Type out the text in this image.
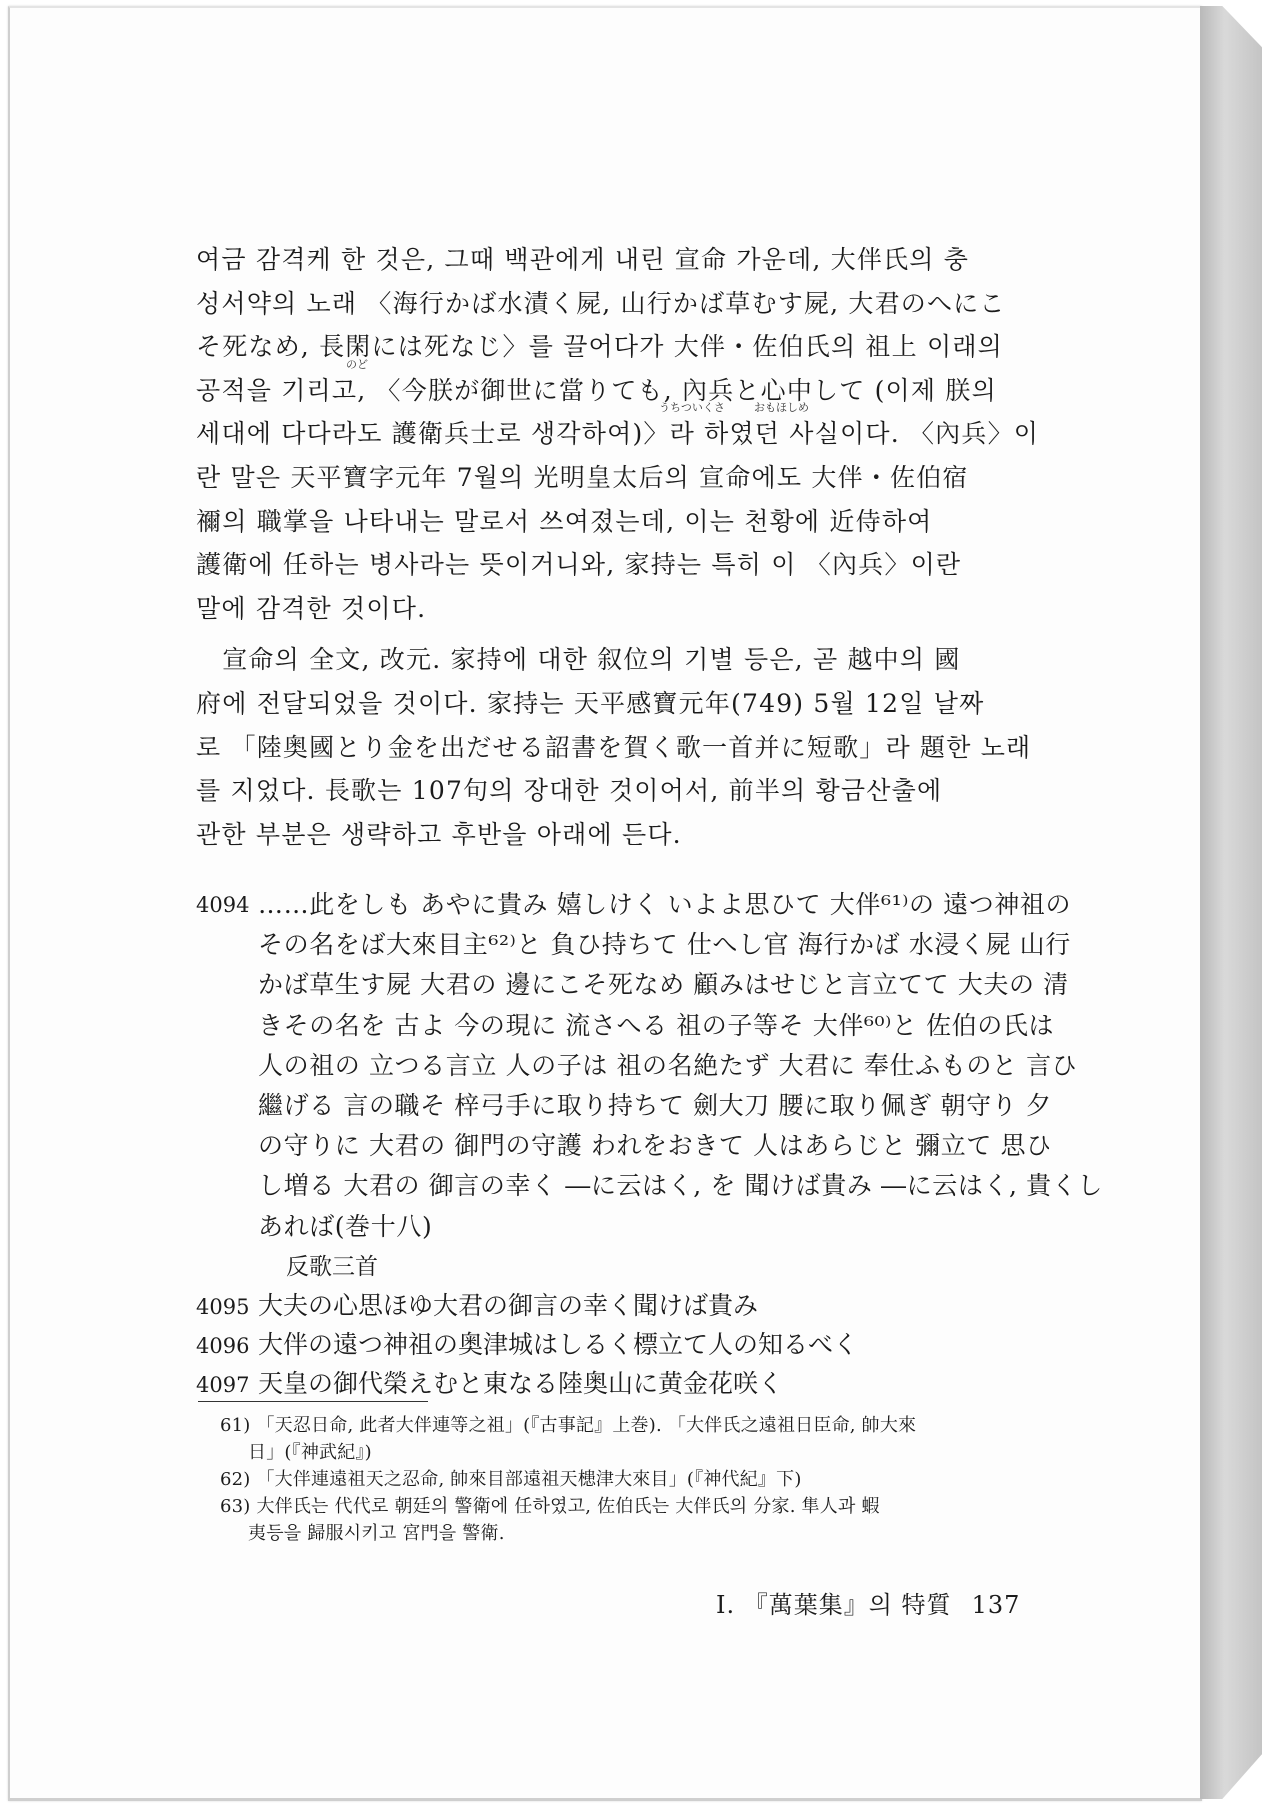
여금 감격케 한 것은, 그때 백관에게 내린 宣命 가운데, 大伴氏의 충
성서약의 노래 〈海行かば水漬く屍, 山行かば草むす屍, 大君のへにこ
そ死なめ, 長閑には死なじ〉를 끌어다가 大伴・佐伯氏의 祖上 이래의
のど
공적을 기리고, 〈今朕が御世に當りても, 內兵と心中して (이제 朕의
うちついくさ	おもほしめ
세대에 다다라도 護衛兵士로 생각하여)〉라 하였던 사실이다. 〈內兵〉이
란 말은 天平寶字元年 7월의 光明皇太后의 宣命에도 大伴・佐伯宿
禰의 職掌을 나타내는 말로서 쓰여졌는데, 이는 천황에 近侍하여
護衛에 任하는 병사라는 뜻이거니와, 家持는 특히 이 〈內兵〉이란
말에 감격한 것이다.
　宣命의 全文, 改元. 家持에 대한 叙位의 기별 등은, 곧 越中의 國
府에 전달되었을 것이다. 家持는 天平感寶元年(749) 5월 12일 날짜
로 「陸奥國とり金を出だせる詔書を賀く歌一首并に短歌」라 題한 노래
를 지었다. 長歌는 107句의 장대한 것이어서, 前半의 황금산출에
관한 부분은 생략하고 후반을 아래에 든다.
4094 ……此をしも あやに貴み 嬉しけく いよよ思ひて 大伴⁶¹⁾の 遠つ神祖の
その名をば大來目主⁶²⁾と 負ひ持ちて 仕へし官 海行かば 水浸く屍 山行
かば草生す屍 大君の 邊にこそ死なめ 顧みはせじと言立てて 大夫の 清
きその名を 古よ 今の現に 流さへる 祖の子等そ 大伴⁶⁰⁾と 佐伯の氏は
人の祖の 立つる言立 人の子は 祖の名絶たず 大君に 奉仕ふものと 言ひ
繼げる 言の職そ 梓弓手に取り持ちて 劍大刀 腰に取り佩ぎ 朝守り 夕
の守りに 大君の 御門の守護 われをおきて 人はあらじと 彌立て 思ひ
し増る 大君の 御言の幸く ―に云はく, を 聞けば貴み ―に云はく, 貴くし
あれば(巻十八)
反歌三首
4095 大夫の心思ほゆ大君の御言の幸く聞けば貴み
4096 大伴の遠つ神祖の奥津城はしるく標立て人の知るべく
4097 天皇の御代榮えむと東なる陸奥山に黄金花咲く
61) 「天忍日命, 此者大伴連等之祖」(『古事記』上巻). 「大伴氏之遠祖日臣命, 帥大來
日」(『神武紀』)
62) 「大伴連遠祖天之忍命, 帥來目部遠祖天槵津大來目」(『神代紀』下)
63) 大伴氏는 代代로 朝廷의 警衛에 任하였고, 佐伯氏는 大伴氏의 分家. 隼人과 蝦
夷등을 歸服시키고 宮門을 警衛.
I. 『萬葉集』의 特質 137
